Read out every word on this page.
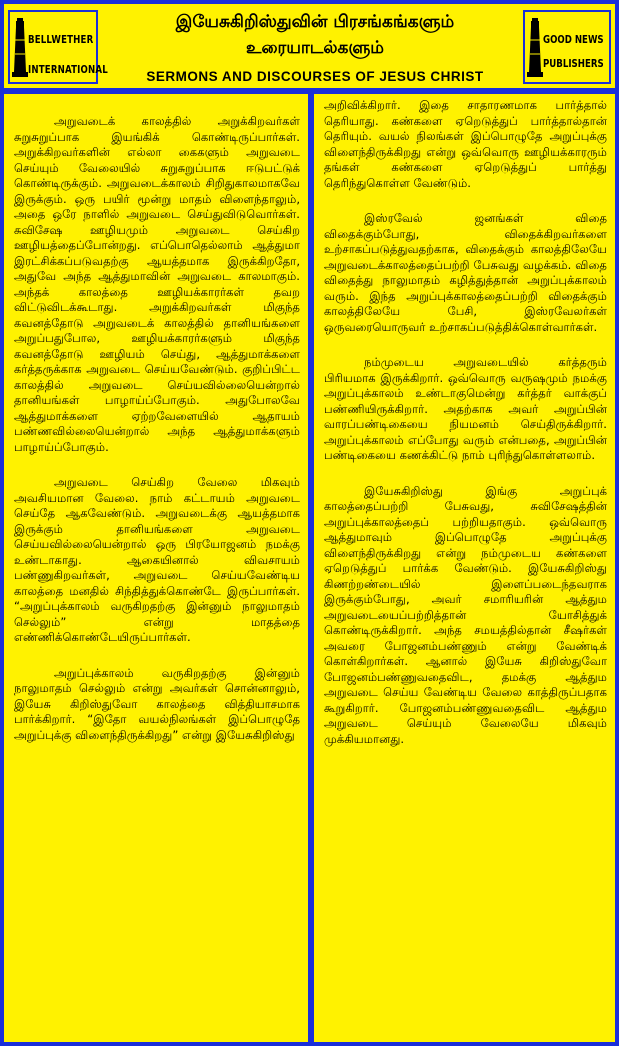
BELLWETHER
INTERNATIONAL
இயேசுகிறிஸ்துவின் பிரசங்கங்களும்
உரையாடல்களும்
SERMONS AND DISCOURSES OF JESUS CHRIST
GOOD NEWS
PUBLISHERS

அறுவடைக் காலத்தில் அறுக்கிறவர்கள் சுறுசுறுப்பாக இயங்கிக் கொண்டிருப்பார்கள். அறுக்கிறவர்களின் எல்லா கைகளும் அறுவடை செய்யும் வேலையில் சுறுசுறுப்பாக ஈடுபட்டுக் கொண்டிருக்கும். அறுவடைக்காலம் சிறிதுகாலமாகவே இருக்கும். ஒரு பயிர் மூன்று மாதம் விளைந்தாலும், அதை ஒரே நாளில் அறுவடை செய்துவிடுவொர்கள். சுவிசேஷ ஊழியமும் அறுவடை செய்கிற ஊழியத்தைப்போன்றது. எப்பொதெல்லாம் ஆத்துமா இரட்சிக்கப்படுவதற்கு ஆயத்தமாக இருக்கிறதோ, அதுவே அந்த ஆத்துமாவின் அறுவடை காலமாகும். அந்தக் காலத்தை ஊழியக்காரர்கள் தவற விட்டுவிடக்கூடாது. அறுக்கிறவர்கள் மிகுந்த கவனத்தோடு அறுவடைக் காலத்தில் தானியங்களை அறுப்பதுபோல, ஊழியக்காரர்களும் மிகுந்த கவனத்தோடு ஊழியம் செய்து, ஆத்துமாக்களை கர்த்தருக்காக அறுவடை செய்யவேண்டும். குறிப்பிட்ட காலத்தில் அறுவடை செய்யவில்லையென்றால் தானியங்கள் பாழாய்ப்போகும். அதுபோலவே ஆத்துமாக்களை ஏற்றவேளையில் ஆதாயம் பண்ணவில்லையென்றால் அந்த ஆத்துமாக்களும் பாழாய்ப்போகும்.

அறுவடை செய்கிற வேலை மிகவும் அவசியமான வேலை. நாம் கட்டாயம் அறுவடை செய்தே ஆகவேண்டும். அறுவடைக்கு ஆயத்தமாக இருக்கும் தானியங்களை அறுவடை செய்யவில்லையென்றால் ஒரு பிரயோஜனம் நமக்கு உண்டாகாது. ஆகையினால் விவசாயம் பண்ணுகிறவர்கள், அறுவடை செய்யவேண்டிய காலத்தை மனதில் சிந்தித்துக்கொண்டே இருப்பார்கள். “அறுப்புக்காலம் வருகிறதற்கு இன்னும் நாலுமாதம் செல்லும்” என்று மாதத்தை எண்ணிக்கொண்டேயிருப்பார்கள்.

அறுப்புக்காலம் வருகிறதற்கு இன்னும் நாலுமாதம் செல்லும் என்று அவர்கள் சொன்னாலும், இயேசு கிறிஸ்துவோ காலத்தை வித்தியாசமாக பார்க்கிறார். “இதோ வயல்நிலங்கள் இப்பொழுதே அறுப்புக்கு விளைந்திருக்கிறது” என்று இயேசுகிறிஸ்து

அறிவிக்கிறார். இதை சாதாரணமாக பார்த்தால் தெரியாது. கண்களை ஏறெடுத்துப் பார்த்தால்தான் தெரியும். வயல் நிலங்கள் இப்பொழுதே அறுப்புக்கு விளைந்திருக்கிறது என்று ஒவ்வொரு ஊழியக்காரரும் தங்கள் கண்களை ஏறெடுத்துப் பார்த்து தெரிந்துகொள்ள வேண்டும்.

இஸ்ரவேல் ஜனங்கள் விதை விதைக்கும்போது, விதைக்கிறவர்களை உற்சாகப்படுத்துவதற்காக, விதைக்கும் காலத்திலேயே அறுவடைக்காலத்தைப்பற்றி பேசுவது வழக்கம். விதை விதைத்து நாலுமாதம் கழித்துத்தான் அறுப்புக்காலம் வரும். இந்த அறுப்புக்காலத்தைப்பற்றி விதைக்கும் காலத்திலேயே பேசி, இஸ்ரவேலர்கள் ஒருவரையொருவர் உற்சாகப்படுத்திக்கொள்வார்கள்.

நம்முடைய அறுவடையில் கர்த்தரும் பிரியமாக இருக்கிறார். ஒவ்வொரு வருஷமும் நமக்கு அறுப்புக்காலம் உண்டாகுமென்று கர்த்தர் வாக்குப் பண்ணியிருக்கிறார். அதற்காக அவர் அறுப்பின் வாரப்பண்டிகையை நியமனம் செய்திருக்கிறார். அறுப்புக்காலம் எப்போது வரும் என்பதை, அறுப்பின் பண்டிகையை கணக்கிட்டு நாம் புரிந்துகொள்ளலாம்.

இயேசுகிறிஸ்து இங்கு அறுப்புக் காலத்தைப்பற்றி பேசுவது, சுவிசேஷத்தின் அறுப்புக்காலத்தைப் பற்றியதாகும். ஒவ்வொரு ஆத்துமாவும் இப்பொழுதே அறுப்புக்கு விளைந்திருக்கிறது என்று நம்முடைய கண்களை ஏறெடுத்துப் பார்க்க வேண்டும். இயேசுகிறிஸ்து கிணற்றண்டையில் இளைப்படைந்தவராக இருக்கும்போது, அவர் சமாரியரின் ஆத்தும அறுவடையைப்பற்றித்தான் யோசித்துக் கொண்டிருக்கிறார். அந்த சமயத்தில்தான் சீஷர்கள் அவரை போஜனம்பண்ணும் என்று வேண்டிக் கொள்கிறார்கள். ஆனால் இயேசு கிறிஸ்துவோ போஜனம்பண்ணுவதைவிட, தமக்கு ஆத்தும அறுவடை செய்ய வேண்டிய வேலை காத்திருப்பதாக கூறுகிறார். போஜனம்பண்ணுவதைவிட ஆத்தும அறுவடை செய்யும் வேலையே மிகவும் முக்கியமானது.
